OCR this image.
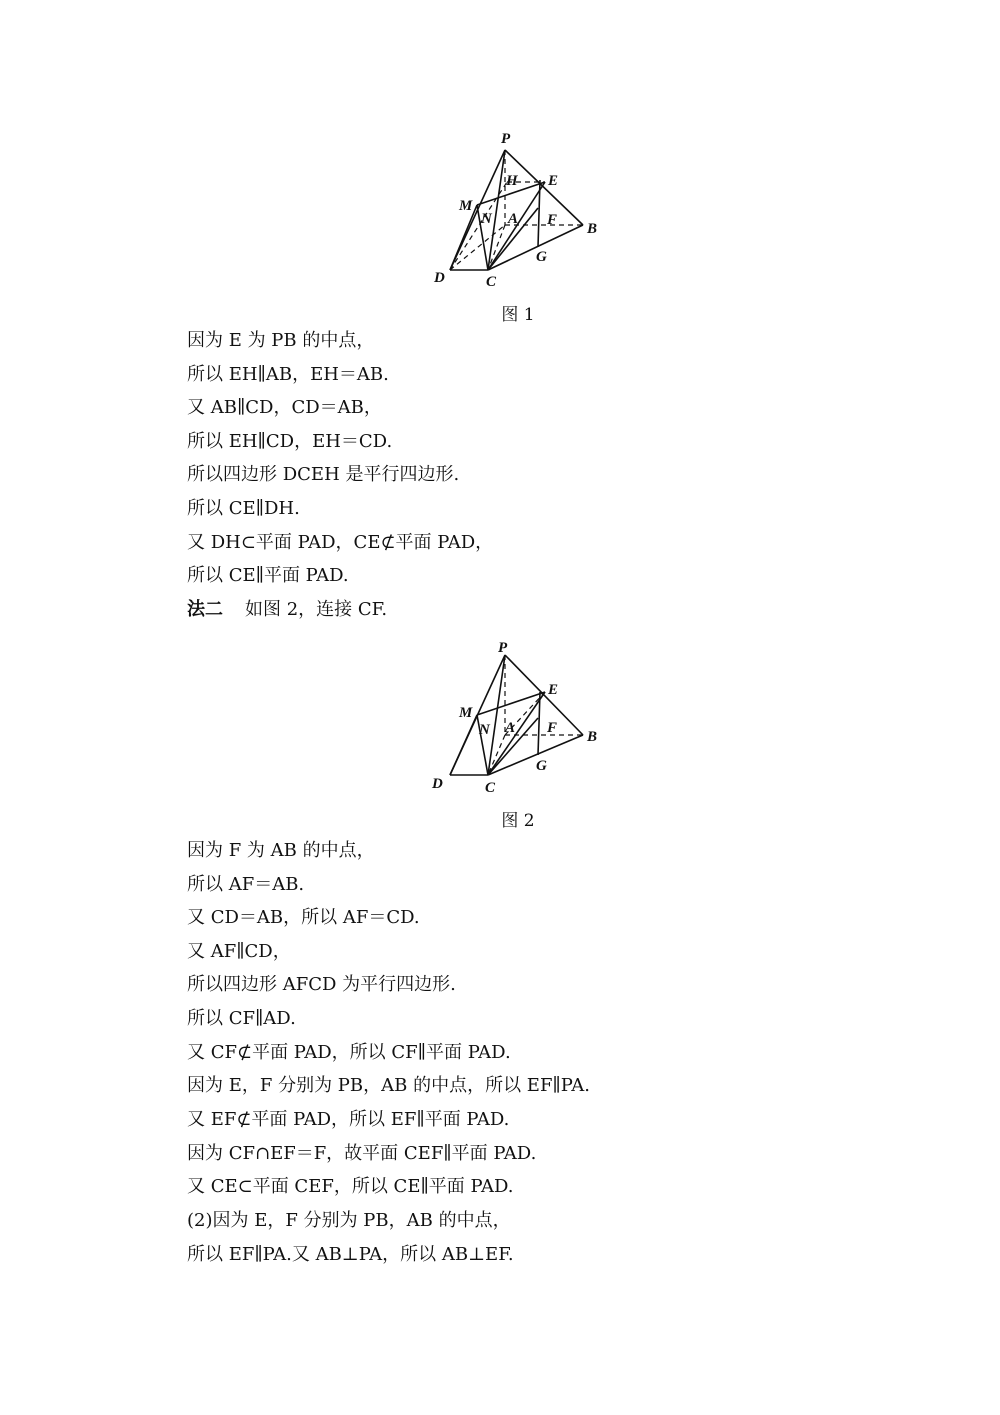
P
H E
M
N A F
B
G
D	C
图 1
因为 E 为 PB 的中点，
所以 EH∥AB，EH＝AB.
又 AB∥CD，CD＝AB，
所以 EH∥CD，EH＝CD.
所以四边形 DCEH 是平行四边形.
所以 CE∥DH.
又 DH⊂平面 PAD，CE⊄平面 PAD，
所以 CE∥平面 PAD.
法二 如图 2，连接 CF.
P
E
M
N A F
B
G
D	C
图 2
因为 F 为 AB 的中点，
所以 AF＝AB.
又 CD＝AB，所以 AF＝CD.
又 AF∥CD，
所以四边形 AFCD 为平行四边形.
所以 CF∥AD.
又 CF⊄平面 PAD，所以 CF∥平面 PAD.
因为 E，F 分别为 PB，AB 的中点，所以 EF∥PA.
又 EF⊄平面 PAD，所以 EF∥平面 PAD.
因为 CF∩EF＝F，故平面 CEF∥平面 PAD.
又 CE⊂平面 CEF，所以 CE∥平面 PAD.
(2)因为 E，F 分别为 PB，AB 的中点，
所以 EF∥PA.又 AB⊥PA，所以 AB⊥EF.
